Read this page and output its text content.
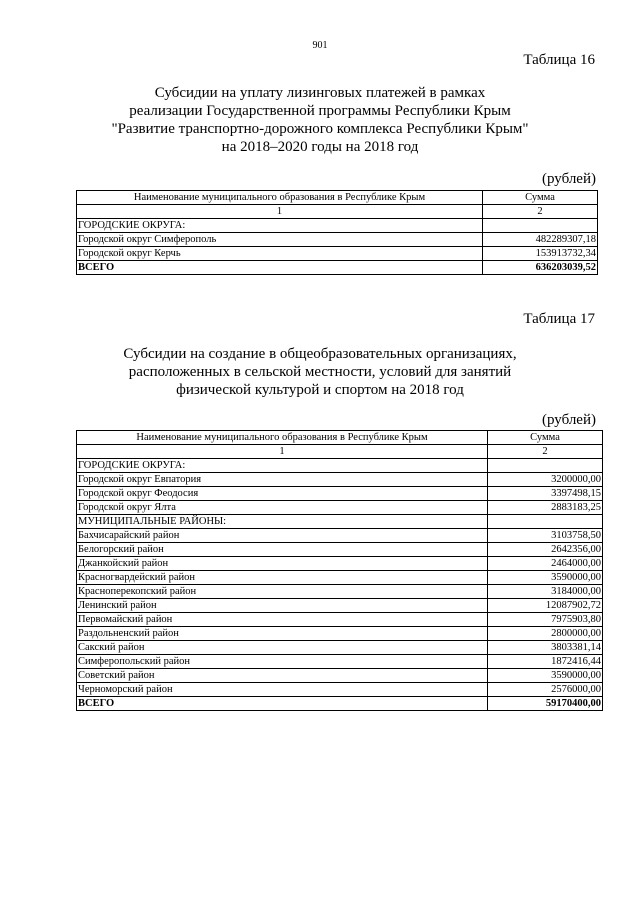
901
Таблица 16
Субсидии на уплату лизинговых платежей в рамках
реализации Государственной программы Республики Крым
"Развитие транспортно-дорожного комплекса Республики Крым"
на 2018–2020 годы на 2018 год
(рублей)
Наименование муниципального образования в Республике Крым	Сумма
1	2
ГОРОДСКИЕ ОКРУГА:	
Городской округ Симферополь	482289307,18
Городской округ Керчь	153913732,34
ВСЕГО	636203039,52
Таблица 17
Субсидии на создание в общеобразовательных организациях,
расположенных в сельской местности, условий для занятий
физической культурой и спортом на 2018 год
(рублей)
Наименование муниципального образования в Республике Крым	Сумма
1	2
ГОРОДСКИЕ ОКРУГА:	
Городской округ Евпатория	3200000,00
Городской округ Феодосия	3397498,15
Городской округ Ялта	2883183,25
МУНИЦИПАЛЬНЫЕ РАЙОНЫ:	
Бахчисарайский район	3103758,50
Белогорский район	2642356,00
Джанкойский район	2464000,00
Красногвардейский район	3590000,00
Красноперекопский район	3184000,00
Ленинский район	12087902,72
Первомайский район	7975903,80
Раздольненский район	2800000,00
Сакский район	3803381,14
Симферопольский район	1872416,44
Советский район	3590000,00
Черноморский район	2576000,00
ВСЕГО	59170400,00
